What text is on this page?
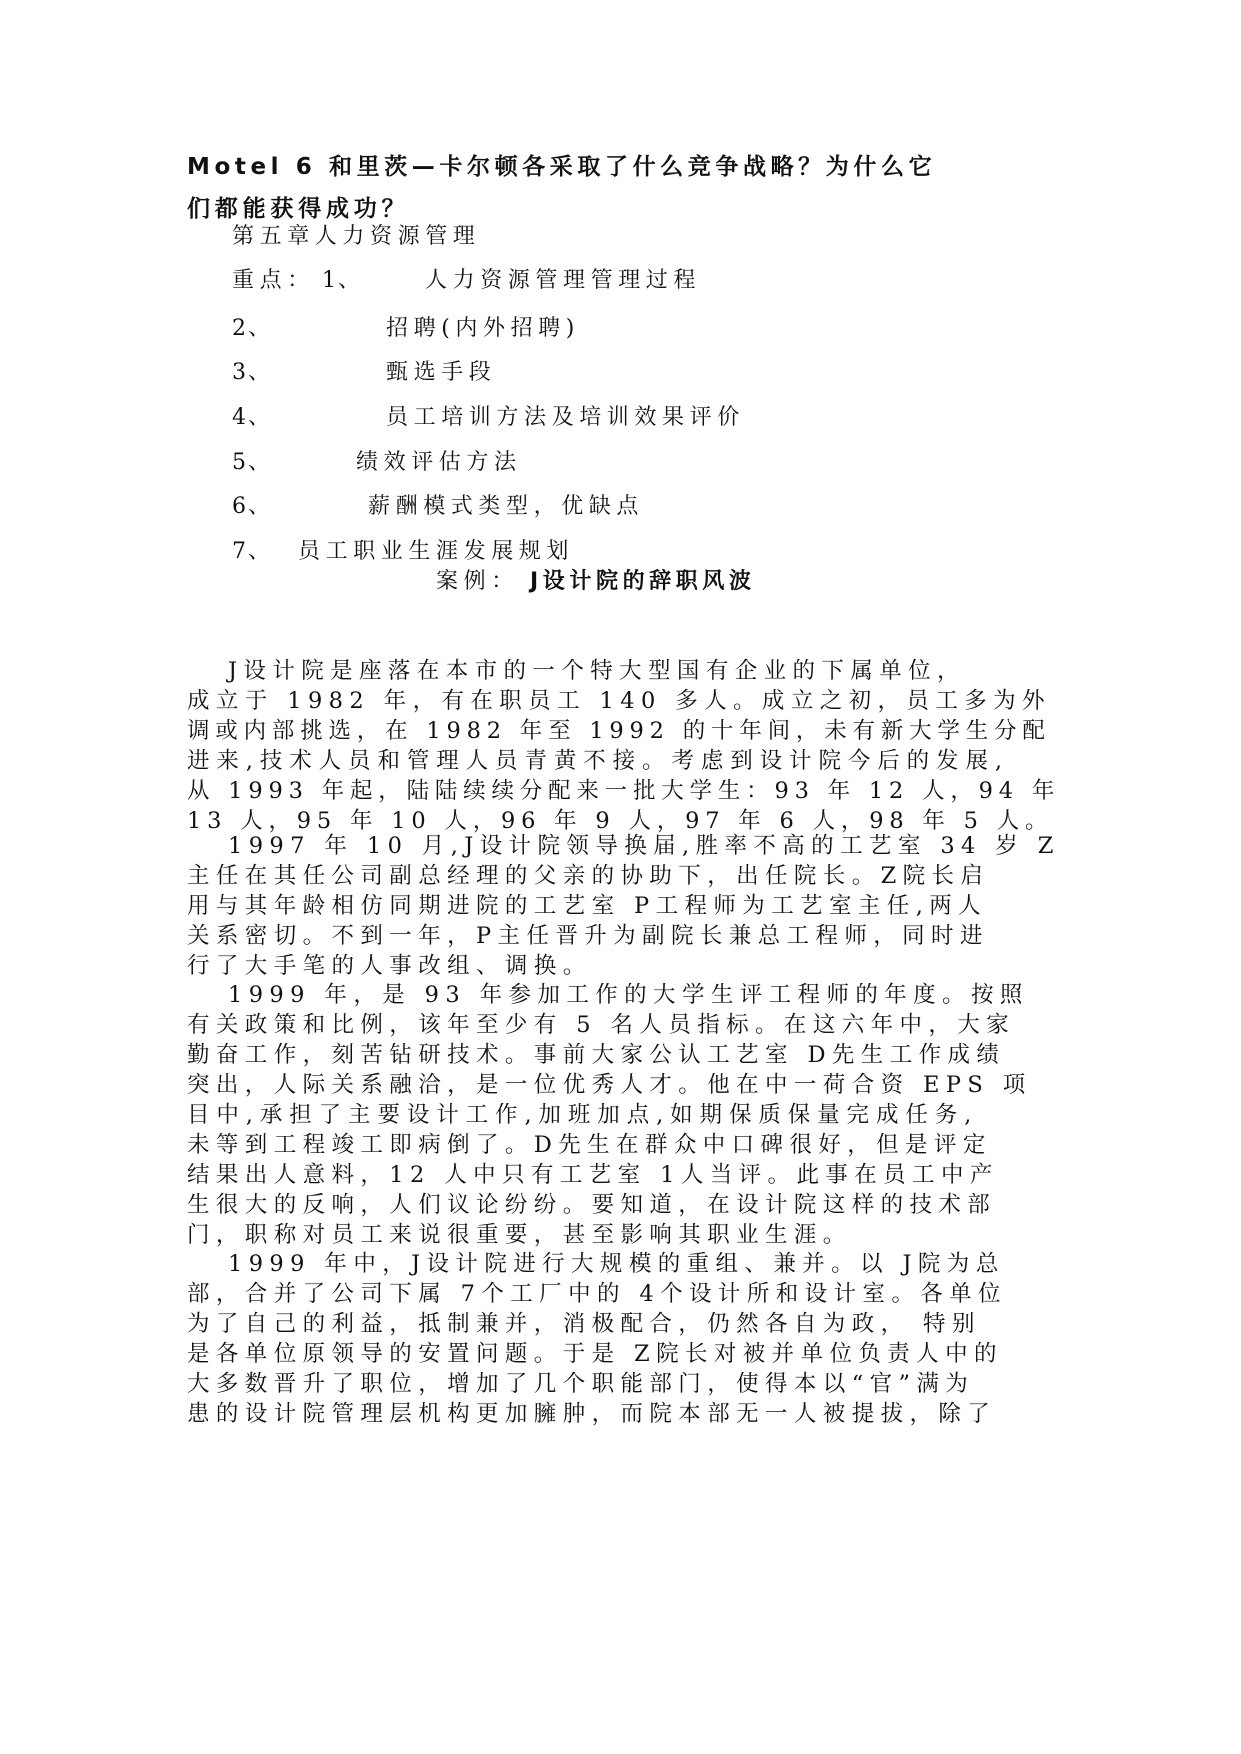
Motel 6 和里茨—卡尔顿各采取了什么竞争战略？为什么它
们都能获得成功？
第五章人力资源管理
重点： 1、	人力资源管理管理过程
2、	招聘(内外招聘)
3、	甄选手段
4、	员工培训方法及培训效果评价
5、	绩效评估方法
6、	薪酬模式类型，优缺点
7、 员工职业生涯发展规划
案例： J设计院的辞职风波
J设计院是座落在本市的一个特大型国有企业的下属单位，
成立于 1982 年，有在职员工 140 多人。成立之初，员工多为外
调或内部挑选，在 1982 年至 1992 的十年间，未有新大学生分配
进来,技术人员和管理人员青黄不接。考虑到设计院今后的发展,
从 1993 年起，陆陆续续分配来一批大学生：93 年 12 人，94 年
13 人，95 年 10 人，96 年 9 人，97 年 6 人，98 年 5 人。
1997 年 10 月,J设计院领导换届,胜率不高的工艺室 34 岁 Z
主任在其任公司副总经理的父亲的协助下，出任院长。Z院长启
用与其年龄相仿同期进院的工艺室 P工程师为工艺室主任,两人
关系密切。不到一年，P主任晋升为副院长兼总工程师，同时进
行了大手笔的人事改组、调换。
1999 年，是 93 年参加工作的大学生评工程师的年度。按照
有关政策和比例，该年至少有 5 名人员指标。在这六年中，大家
勤奋工作，刻苦钻研技术。事前大家公认工艺室 D先生工作成绩
突出，人际关系融洽，是一位优秀人才。他在中一荷合资 EPS 项
目中,承担了主要设计工作,加班加点,如期保质保量完成任务,
未等到工程竣工即病倒了。D先生在群众中口碑很好，但是评定
结果出人意料，12 人中只有工艺室 1人当评。此事在员工中产
生很大的反响，人们议论纷纷。要知道，在设计院这样的技术部
门，职称对员工来说很重要，甚至影响其职业生涯。
1999 年中，J设计院进行大规模的重组、兼并。以 J院为总
部，合并了公司下属 7个工厂中的 4个设计所和设计室。各单位
为了自己的利益，抵制兼并，消极配合，仍然各自为政， 特别
是各单位原领导的安置问题。于是 Z院长对被并单位负责人中的
大多数晋升了职位，增加了几个职能部门，使得本以“官”满为
患的设计院管理层机构更加臃肿，而院本部无一人被提拔，除了
